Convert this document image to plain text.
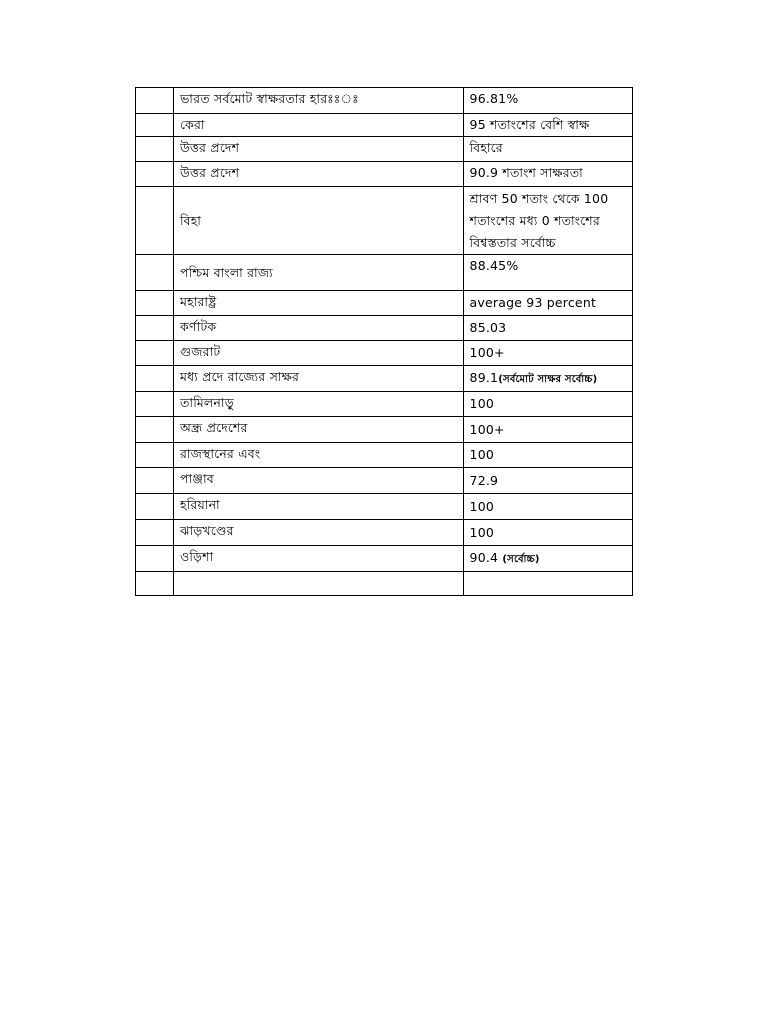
	ভারত সর্বমোট স্বাক্ষরতার হারঃঃঃ	96.81%
	কেরা	95 শতাংশের বেশি স্বাক্ষ
	উত্তর প্রদেশ	বিহারে
	উত্তর প্রদেশ	90.9 শতাংশ সাক্ষরতা
	বিহা	শ্রাবণ 50 শতাং থেকে 100 শতাংশের মধ্য 0 শতাংশের বিশ্বস্ততার সর্বোচ্চ
	পশ্চিম বাংলা রাজ্য	88.45%
	মহারাষ্ট্র	average 93 percent
	কর্ণাটক	85.03
	গুজরাট	100+
	মধ্য প্রদে রাজ্যের সাক্ষর	89.1(সর্বমোট সাক্ষর সর্বোচ্চ)
	তামিলনাড়ু	100
	অন্ধ্র প্রদেশের	100+
	রাজস্থানের এবং	100
	পাঞ্জাব	72.9
	হরিয়ানা	100
	ঝাড়খণ্ডের	100
	ওড়িশা	90.4 (সর্বোচ্চ)
